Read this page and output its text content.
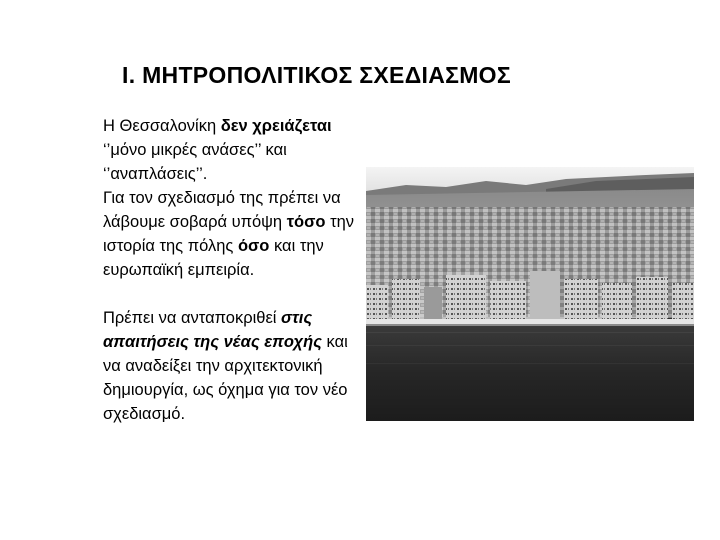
I. ΜΗΤΡΟΠΟΛΙΤΙΚΟΣ ΣΧΕΔΙΑΣΜΟΣ

Η Θεσσαλονίκη δεν χρειάζεται ‘’μόνο μικρές ανάσες’’ και ‘’αναπλάσεις’’.

Για τον σχεδιασμό της πρέπει να λάβουμε σοβαρά υπόψη τόσο την ιστορία της πόλης όσο και την ευρωπαϊκή εμπειρία.

Πρέπει να ανταποκριθεί στις απαιτήσεις της νέας εποχής και να αναδείξει την αρχιτεκτονική δημιουργία, ως όχημα για τον νέο σχεδιασμό.
